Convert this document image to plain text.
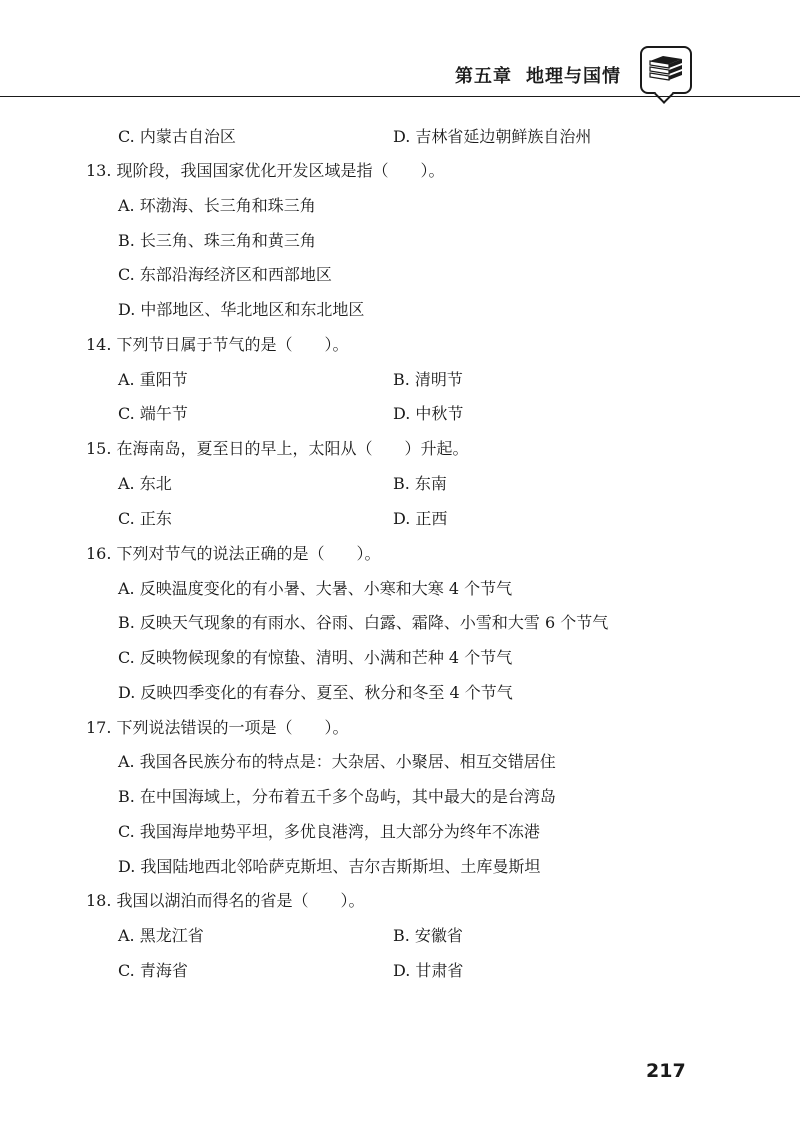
第五章 地理与国情
C. 内蒙古自治区	D. 吉林省延边朝鲜族自治州
13. 现阶段，我国国家优化开发区域是指（　　）。
A. 环渤海、长三角和珠三角
B. 长三角、珠三角和黄三角
C. 东部沿海经济区和西部地区
D. 中部地区、华北地区和东北地区
14. 下列节日属于节气的是（　　）。
A. 重阳节	B. 清明节
C. 端午节	D. 中秋节
15. 在海南岛，夏至日的早上，太阳从（　　）升起。
A. 东北	B. 东南
C. 正东	D. 正西
16. 下列对节气的说法正确的是（　　）。
A. 反映温度变化的有小暑、大暑、小寒和大寒 4 个节气
B. 反映天气现象的有雨水、谷雨、白露、霜降、小雪和大雪 6 个节气
C. 反映物候现象的有惊蛰、清明、小满和芒种 4 个节气
D. 反映四季变化的有春分、夏至、秋分和冬至 4 个节气
17. 下列说法错误的一项是（　　）。
A. 我国各民族分布的特点是：大杂居、小聚居、相互交错居住
B. 在中国海域上，分布着五千多个岛屿，其中最大的是台湾岛
C. 我国海岸地势平坦，多优良港湾，且大部分为终年不冻港
D. 我国陆地西北邻哈萨克斯坦、吉尔吉斯斯坦、土库曼斯坦
18. 我国以湖泊而得名的省是（　　）。
A. 黑龙江省	B. 安徽省
C. 青海省	D. 甘肃省
217
